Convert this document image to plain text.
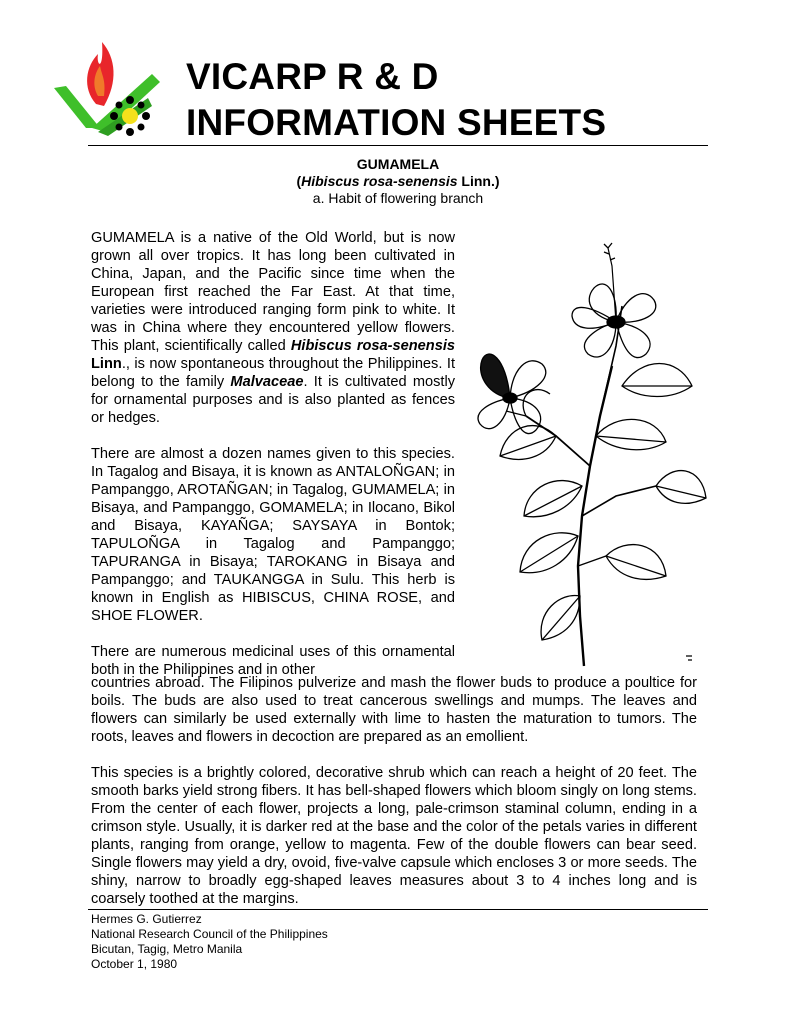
VICARP R & D
INFORMATION SHEETS
GUMAMELA
(Hibiscus rosa-senensis Linn.)
a. Habit of flowering branch

GUMAMELA is a native of the Old World, but is now grown all over tropics. It has long been cultivated in China, Japan, and the Pacific since time when the European first reached the Far East. At that time, varieties were introduced ranging form pink to white. It was in China where they encountered yellow flowers. This plant, scientifically called Hibiscus rosa-senensis Linn., is now spontaneous throughout the Philippines. It belong to the family Malvaceae. It is cultivated mostly for ornamental purposes and is also planted as fences or hedges.

There are almost a dozen names given to this species. In Tagalog and Bisaya, it is known as ANTALOÑGAN; in Pampanggo, AROTAÑGAN; in Tagalog, GUMAMELA; in Bisaya, and Pampanggo, GOMAMELA; in Ilocano, Bikol and Bisaya, KAYAÑGA; SAYSAYA in Bontok; TAPULOÑGA in Tagalog and Pampanggo; TAPURANGA in Bisaya; TAROKANG in Bisaya and Pampanggo; and TAUKANGGA in Sulu. This herb is known in English as HIBISCUS, CHINA ROSE, and SHOE FLOWER.

There are numerous medicinal uses of this ornamental both in the Philippines and in other

countries abroad. The Filipinos pulverize and mash the flower buds to produce a poultice for boils. The buds are also used to treat cancerous swellings and mumps. The leaves and flowers can similarly be used externally with lime to hasten the maturation to tumors. The roots, leaves and flowers in decoction are prepared as an emollient.

This species is a brightly colored, decorative shrub which can reach a height of 20 feet. The smooth barks yield strong fibers. It has bell-shaped flowers which bloom singly on long stems. From the center of each flower, projects a long, pale-crimson staminal column, ending in a crimson style. Usually, it is darker red at the base and the color of the petals varies in different plants, ranging from orange, yellow to magenta. Few of the double flowers can bear seed. Single flowers may yield a dry, ovoid, five-valve capsule which encloses 3 or more seeds. The shiny, narrow to broadly egg-shaped leaves measures about 3 to 4 inches long and is coarsely toothed at the margins.

Hermes G. Gutierrez
National Research Council of the Philippines
Bicutan, Tagig, Metro Manila
October 1, 1980
